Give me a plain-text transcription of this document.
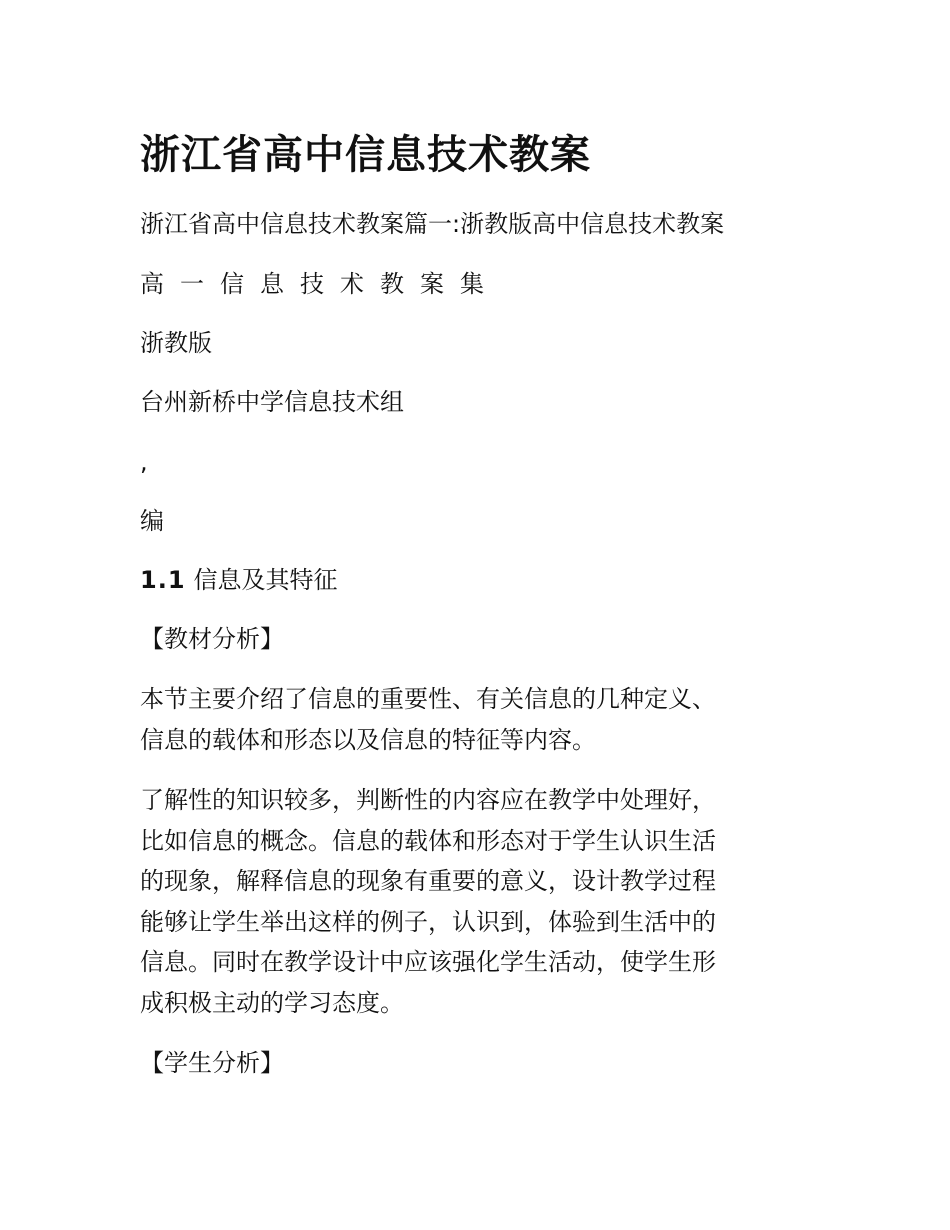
浙江省高中信息技术教案

浙江省高中信息技术教案篇一:浙教版高中信息技术教案

高一信息技术教案集

浙教版

台州新桥中学信息技术组

,

编

1.1 信息及其特征

【教材分析】

本节主要介绍了信息的重要性、有关信息的几种定义、
信息的载体和形态以及信息的特征等内容。
了解性的知识较多，判断性的内容应在教学中处理好，
比如信息的概念。信息的载体和形态对于学生认识生活
的现象，解释信息的现象有重要的意义，设计教学过程
能够让学生举出这样的例子，认识到，体验到生活中的
信息。同时在教学设计中应该强化学生活动，使学生形
成积极主动的学习态度。

【学生分析】
